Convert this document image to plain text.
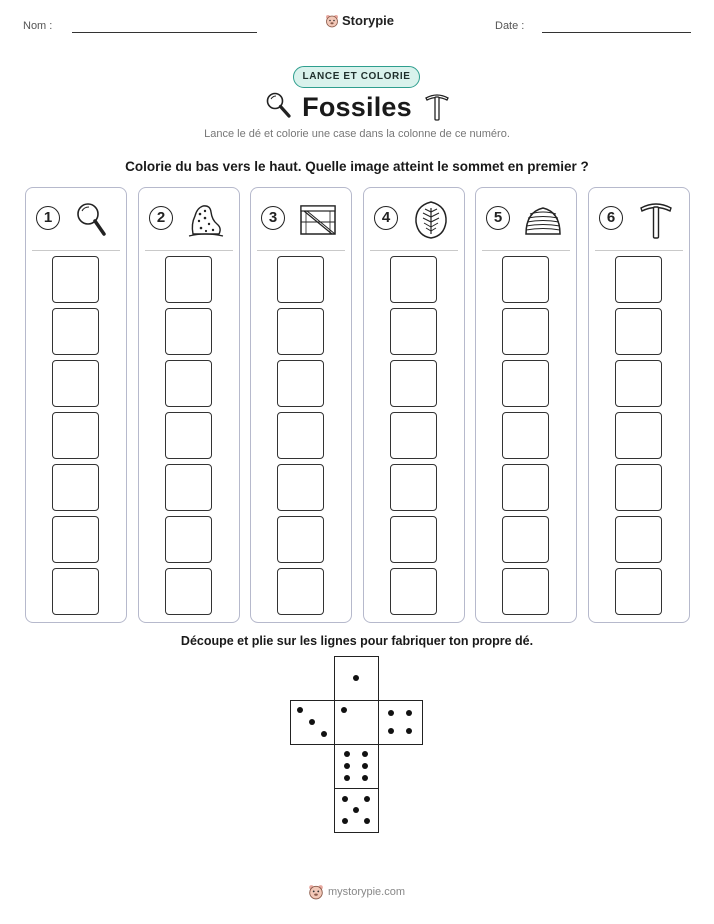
Nom :	Storypie	Date :
LANCE ET COLORIE
Fossiles
Lance le dé et colorie une case dans la colonne de ce numéro.
Colorie du bas vers le haut. Quelle image atteint le sommet en premier ?
1	2	3	4	5	6
Découpe et plie sur les lignes pour fabriquer ton propre dé.
mystorypie.com
